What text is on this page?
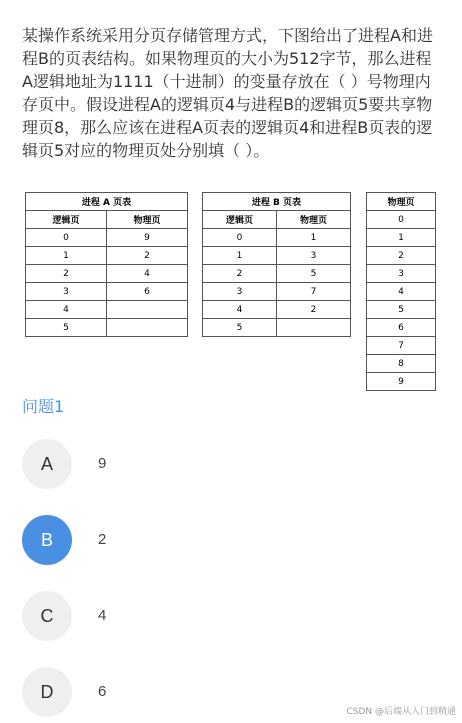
某操作系统采用分页存储管理方式，下图给出了进程A和进程B的页表结构。如果物理页的大小为512字节，那么进程A逻辑地址为1111（十进制）的变量存放在（ ）号物理内存页中。假设进程A的逻辑页4与进程B的逻辑页5要共享物理页8，那么应该在进程A页表的逻辑页4和进程B页表的逻辑页5对应的物理页处分别填（ ）。
进程 A 页表	
逻辑页	物理页
0	9
1	2
2	4
3	6
4	
5	
进程 B 页表	
逻辑页	物理页
0	1
1	3
2	5
3	7
4	2
5	
物理页
0
1
2
3
4
5
6
7
8
9
问题1
A	9
B	2
C	4
D	6
CSDN @后端从入门到精通
